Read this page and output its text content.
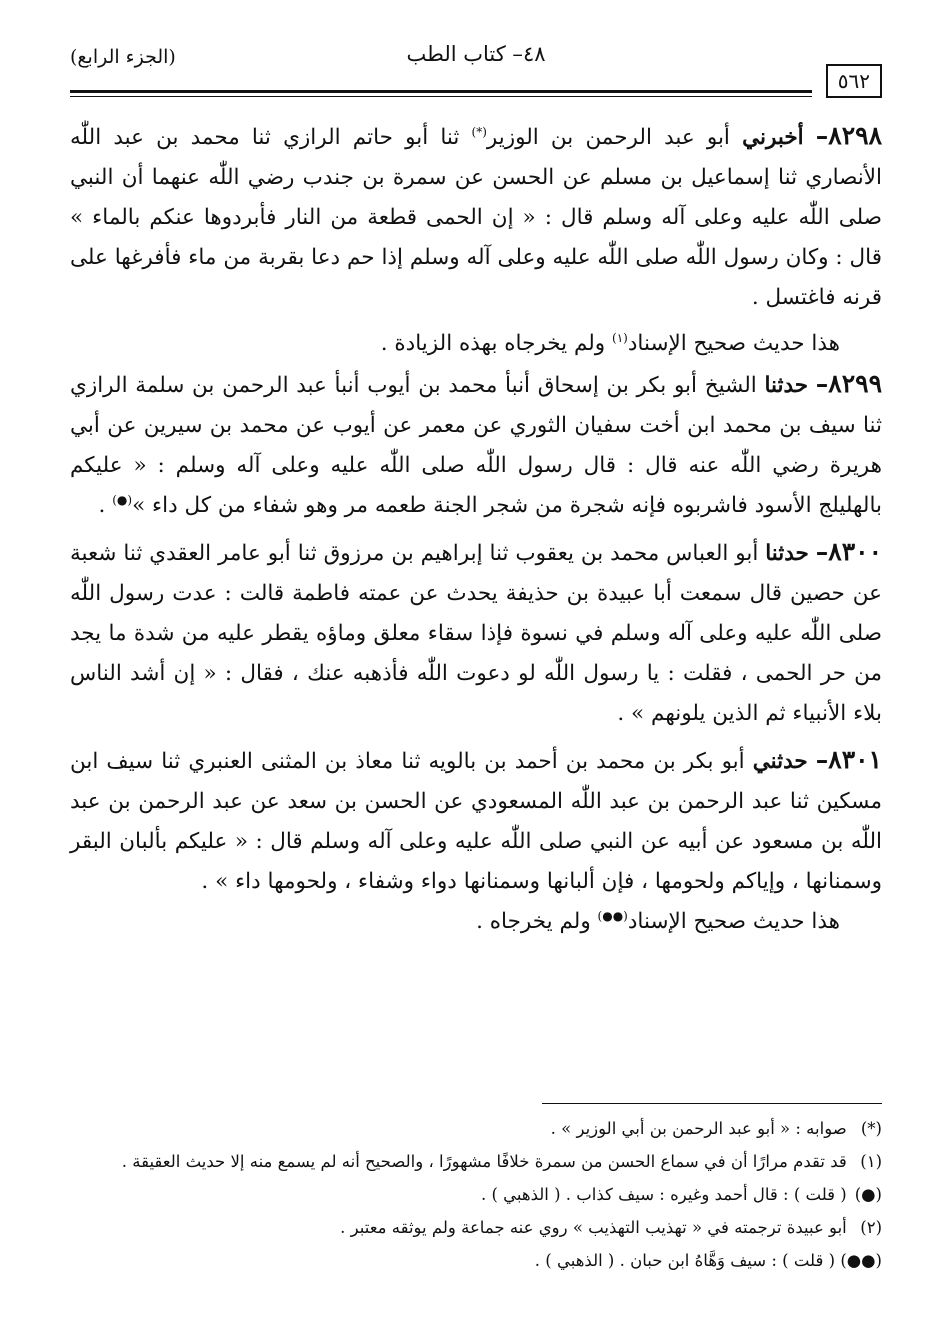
٥٦٢
٤٨– كتاب الطب
(الجزء الرابع)

٨٢٩٨– أخبرني أبو عبد الرحمن بن الوزير(*) ثنا أبو حاتم الرازي ثنا محمد بن عبد اللّٰه الأنصاري ثنا إسماعيل بن مسلم عن الحسن عن سمرة بن جندب رضي اللّٰه عنهما أن النبي صلى اللّٰه عليه وعلى آله وسلم قال : « إن الحمى قطعة من النار فأبردوها عنكم بالماء » قال : وكان رسول اللّٰه صلى اللّٰه عليه وعلى آله وسلم إذا حم دعا بقربة من ماء فأفرغها على قرنه فاغتسل .

هذا حديث صحيح الإسناد$^{(١)}$ ولم يخرجاه بهذه الزيادة .

٨٢٩٩– حدثنا الشيخ أبو بكر بن إسحاق أنبأ محمد بن أيوب أنبأ عبد الرحمن بن سلمة الرازي ثنا سيف بن محمد ابن أخت سفيان الثوري عن معمر عن أيوب عن محمد بن سيرين عن أبي هريرة رضي اللّٰه عنه قال : قال رسول اللّٰه صلى اللّٰه عليه وعلى آله وسلم : « عليكم بالهليلج الأسود فاشربوه فإنه شجرة من شجر الجنة طعمه مر وهو شفاء من كل داء »(●) .

٨٣٠٠– حدثنا أبو العباس محمد بن يعقوب ثنا إبراهيم بن مرزوق ثنا أبو عامر العقدي ثنا شعبة عن حصين قال سمعت أبا عبيدة بن حذيفة يحدث عن عمته فاطمة قالت : عدت رسول اللّٰه صلى اللّٰه عليه وعلى آله وسلم في نسوة فإذا سقاء معلق وماؤه يقطر عليه من شدة ما يجد من حر الحمى ، فقلت : يا رسول اللّٰه لو دعوت اللّٰه فأذهبه عنك ، فقال : « إن أشد الناس بلاء الأنبياء ثم الذين يلونهم » .

٨٣٠١– حدثني أبو بكر بن محمد بن أحمد بن بالويه ثنا معاذ بن المثنى العنبري ثنا سيف ابن مسكين ثنا عبد الرحمن بن عبد اللّٰه المسعودي عن الحسن بن سعد عن عبد الرحمن بن عبد اللّٰه بن مسعود عن أبيه عن النبي صلى اللّٰه عليه وعلى آله وسلم قال : « عليكم بألبان البقر وسمنانها ، وإياكم ولحومها ، فإن ألبانها وسمنانها دواء وشفاء ، ولحومها داء » .

هذا حديث صحيح الإسناد(●●) ولم يخرجاه .

(*) صوابه : « أبو عبد الرحمن بن أبي الوزير » .

(١) قد تقدم مرارًا أن في سماع الحسن من سمرة خلافًا مشهورًا ، والصحيح أنه لم يسمع منه إلا حديث العقيقة .

(●) ( قلت ) : قال أحمد وغيره : سيف كذاب . ( الذهبي ) .

(٢) أبو عبيدة ترجمته في « تهذيب التهذيب » روي عنه جماعة ولم يوثقه معتبر .

(●●) ( قلت ) : سيف وَهَّاهُ ابن حبان . ( الذهبي ) .
